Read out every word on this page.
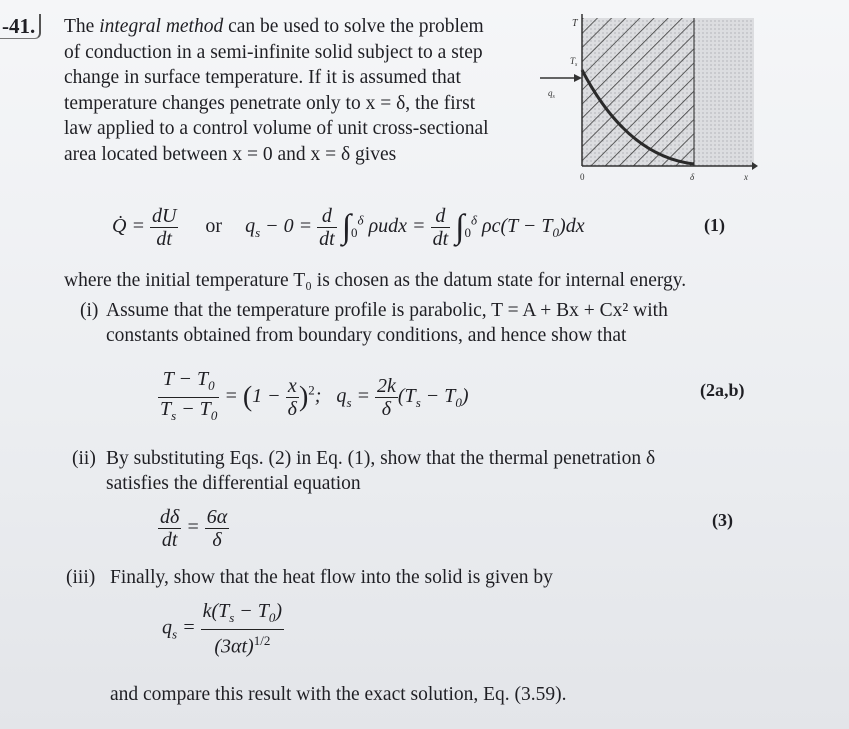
-41.	The integral method can be used to solve the problem of conduction in a semi-infinite solid subject to a step change in surface temperature. If it is assumed that temperature changes penetrate only to x = δ, the first law applied to a control volume of unit cross-sectional area located between x = 0 and x = δ gives
T
$T_s$
$q_s$
0	δ	x
Q̇ = $\frac{dU}{dt}$ or $q_s - 0 = \frac{d}{dt} \int_0^\delta$ $\rho udx = \frac{d}{dt} \int_0^\delta$ $\rho c(T - T_0)dx$	(1)
where the initial temperature T₀ is chosen as the datum state for internal energy.
(i) Assume that the temperature profile is parabolic, T = A + Bx + Cx² with constants obtained from boundary conditions, and hence show that
$\frac{T - T_0}{T_s - T_0} = (1 - \frac{x}{\delta} )^2$;   $q_s = \frac{2k}{\delta} (T_s - T_0)$	(2a,b)
(ii) By substituting Eqs. (2) in Eq. (1), show that the thermal penetration δ satisfies the differential equation
$\frac{d\delta}{dt} = \frac{6\alpha}{\delta}$	(3)
(iii) Finally, show that the heat flow into the solid is given by
$q_s = \frac{k(T_s - T_0)}{(3\alpha t)^{1/2}}$
and compare this result with the exact solution, Eq. (3.59).
